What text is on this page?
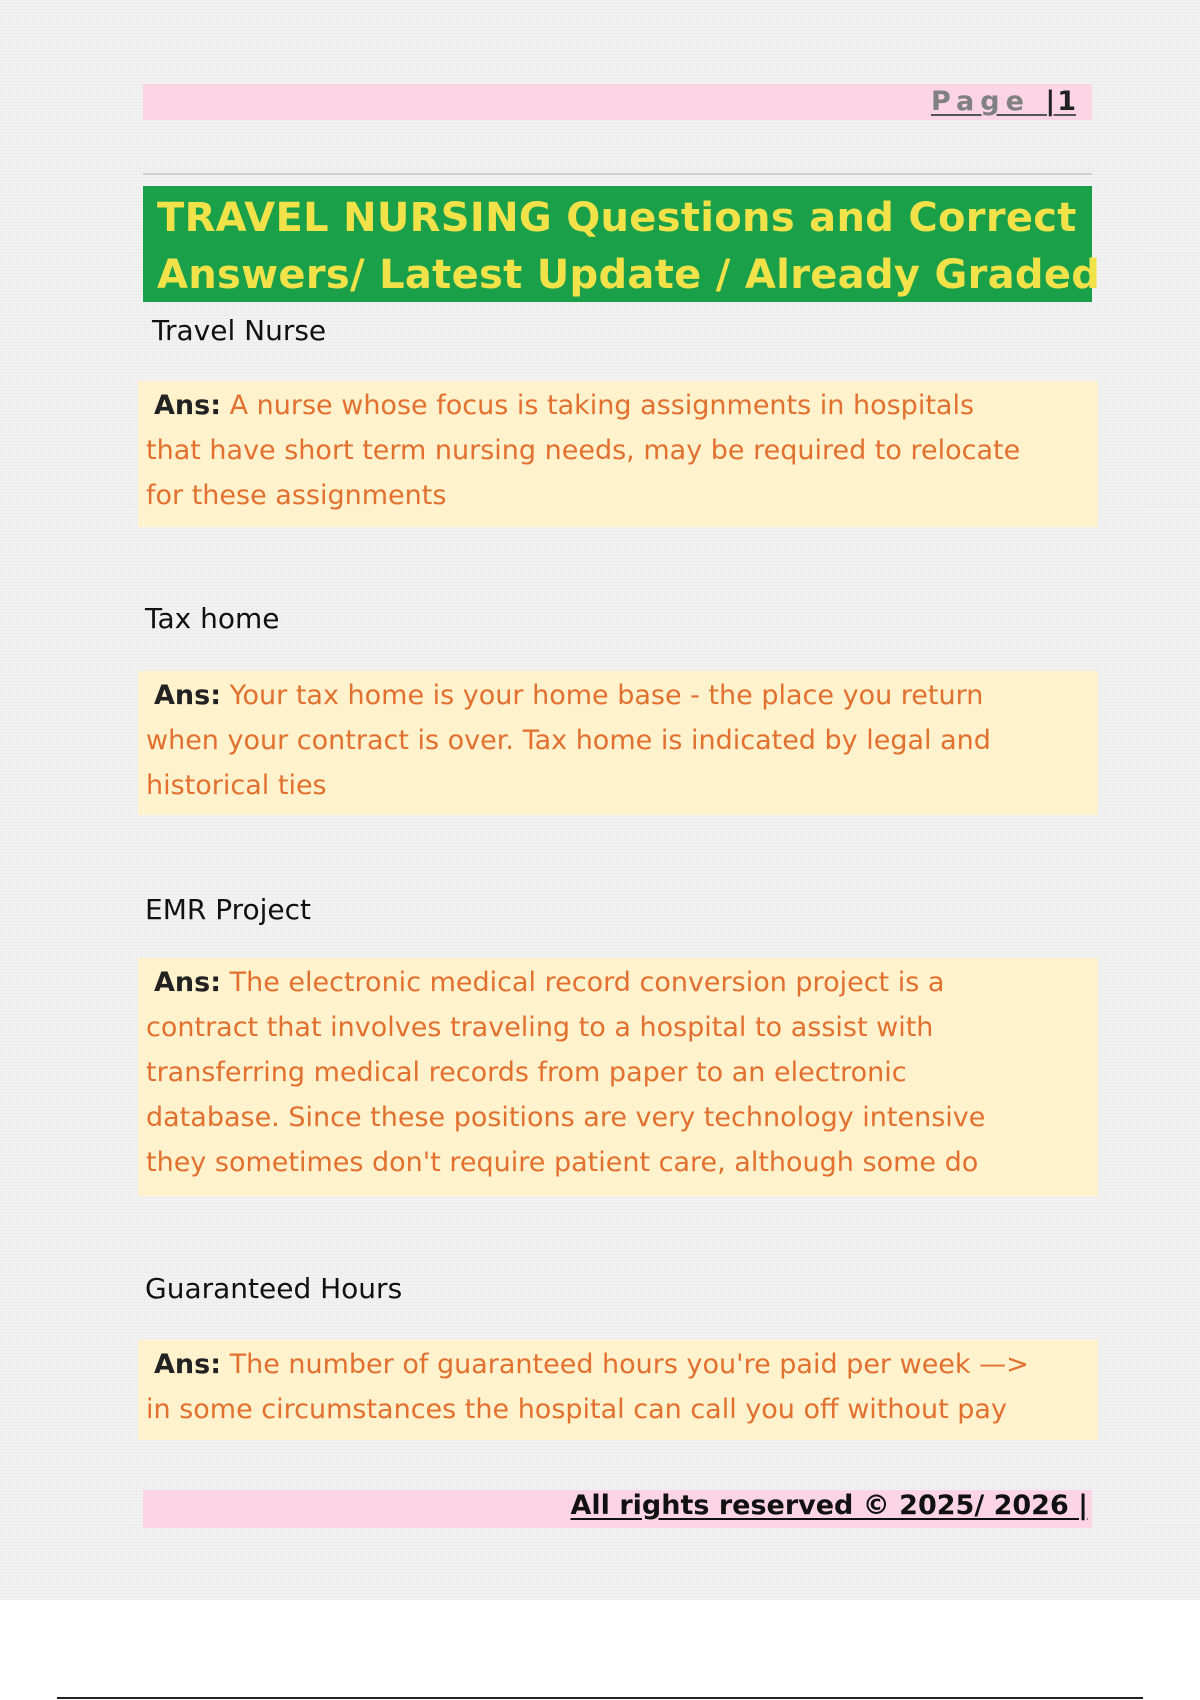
Page |1
TRAVEL NURSING Questions and Correct
Answers/ Latest Update / Already Graded
Travel Nurse
Ans: A nurse whose focus is taking assignments in hospitals
that have short term nursing needs, may be required to relocate
for these assignments
Tax home
Ans: Your tax home is your home base - the place you return
when your contract is over. Tax home is indicated by legal and
historical ties
EMR Project
Ans: The electronic medical record conversion project is a
contract that involves traveling to a hospital to assist with
transferring medical records from paper to an electronic
database. Since these positions are very technology intensive
they sometimes don't require patient care, although some do
Guaranteed Hours
Ans: The number of guaranteed hours you're paid per week —>
in some circumstances the hospital can call you off without pay
All rights reserved © 2025/ 2026 |
